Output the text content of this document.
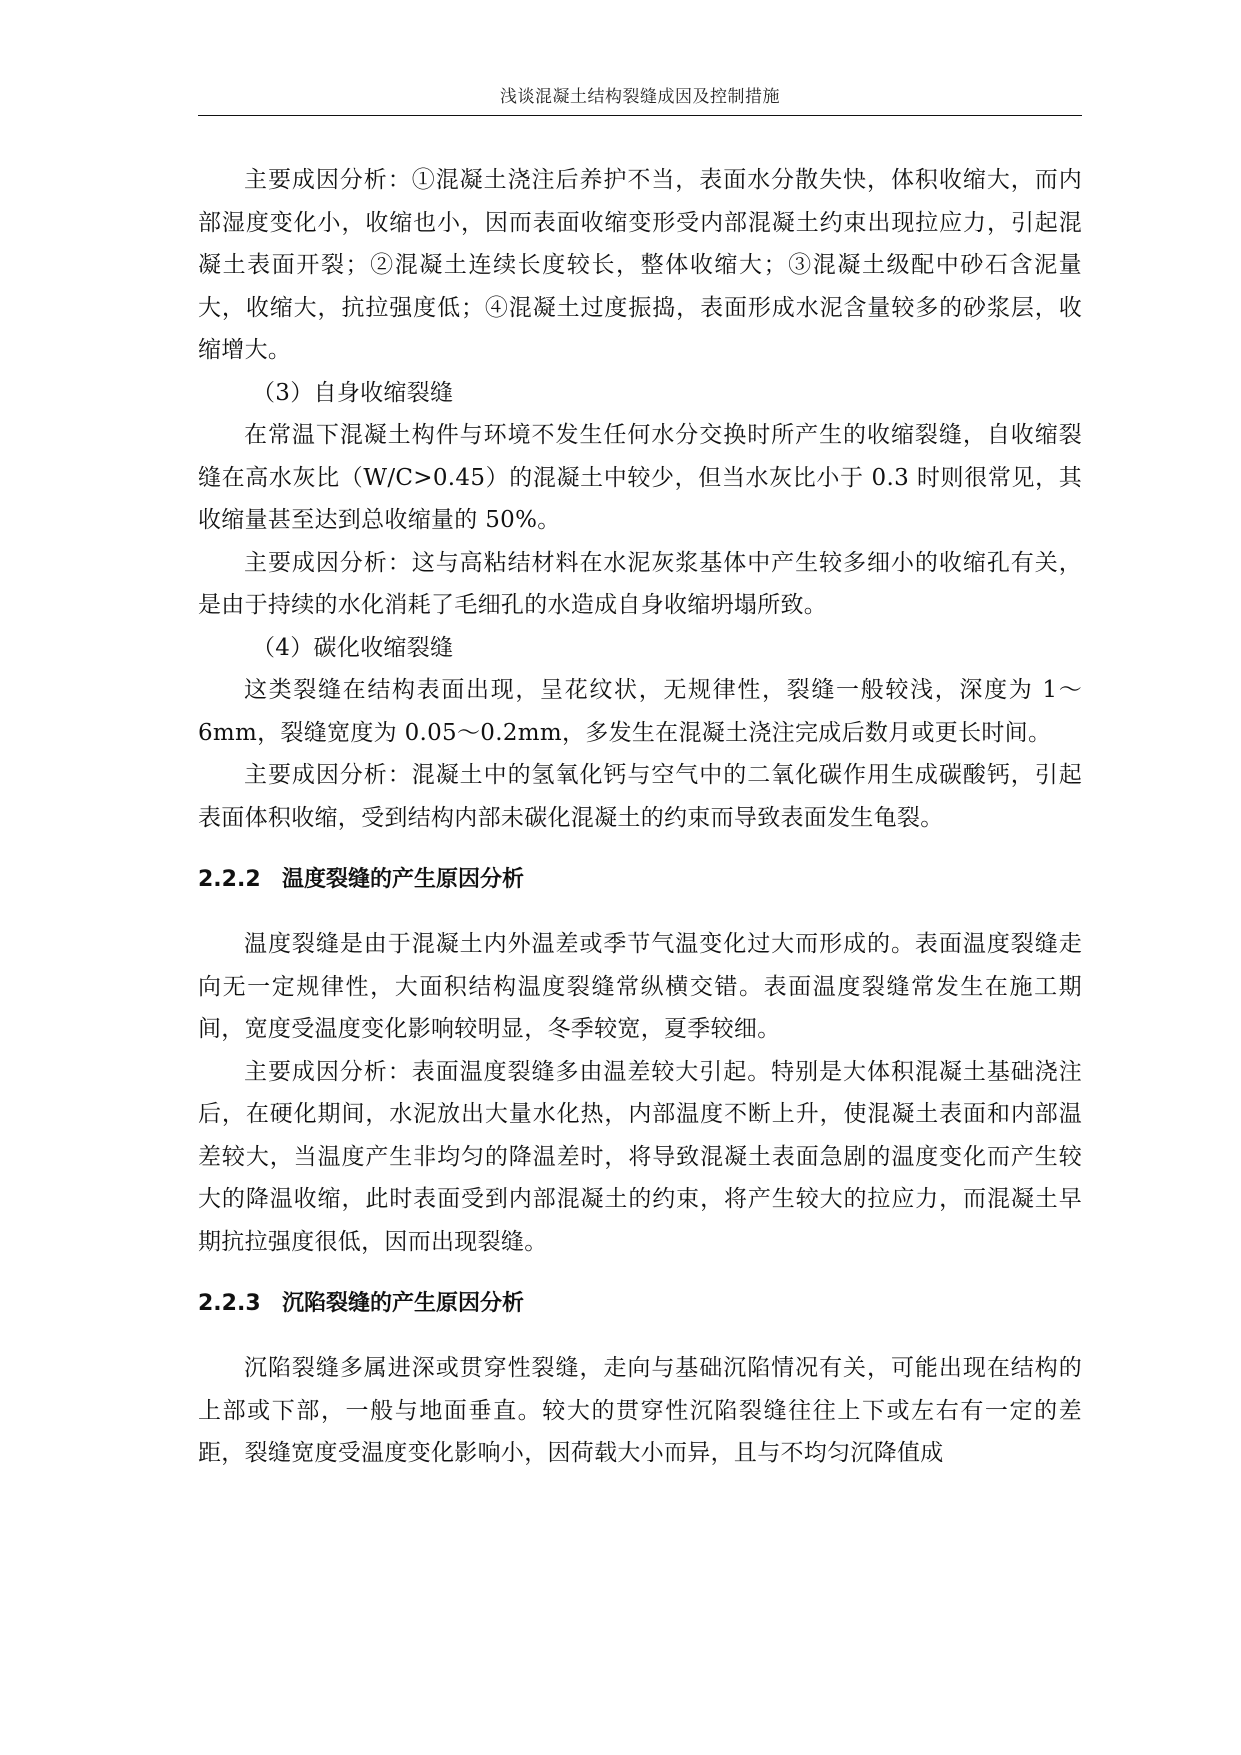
浅谈混凝土结构裂缝成因及控制措施

主要成因分析：①混凝土浇注后养护不当，表面水分散失快，体积收缩大，而内部湿度变化小，收缩也小，因而表面收缩变形受内部混凝土约束出现拉应力，引起混凝土表面开裂；②混凝土连续长度较长，整体收缩大；③混凝土级配中砂石含泥量大，收缩大，抗拉强度低；④混凝土过度振捣，表面形成水泥含量较多的砂浆层，收缩增大。

（3）自身收缩裂缝

在常温下混凝土构件与环境不发生任何水分交换时所产生的收缩裂缝，自收缩裂缝在高水灰比（W/C>0.45）的混凝土中较少，但当水灰比小于 0.3 时则很常见，其收缩量甚至达到总收缩量的 50%。

主要成因分析：这与高粘结材料在水泥灰浆基体中产生较多细小的收缩孔有关，是由于持续的水化消耗了毛细孔的水造成自身收缩坍塌所致。

（4）碳化收缩裂缝

这类裂缝在结构表面出现，呈花纹状，无规律性，裂缝一般较浅，深度为 1～6mm，裂缝宽度为 0.05～0.2mm，多发生在混凝土浇注完成后数月或更长时间。

主要成因分析：混凝土中的氢氧化钙与空气中的二氧化碳作用生成碳酸钙，引起表面体积收缩，受到结构内部未碳化混凝土的约束而导致表面发生龟裂。

2.2.2 温度裂缝的产生原因分析

温度裂缝是由于混凝土内外温差或季节气温变化过大而形成的。表面温度裂缝走向无一定规律性，大面积结构温度裂缝常纵横交错。表面温度裂缝常发生在施工期间，宽度受温度变化影响较明显，冬季较宽，夏季较细。

主要成因分析：表面温度裂缝多由温差较大引起。特别是大体积混凝土基础浇注后，在硬化期间，水泥放出大量水化热，内部温度不断上升，使混凝土表面和内部温差较大，当温度产生非均匀的降温差时，将导致混凝土表面急剧的温度变化而产生较大的降温收缩，此时表面受到内部混凝土的约束，将产生较大的拉应力，而混凝土早期抗拉强度很低，因而出现裂缝。

2.2.3 沉陷裂缝的产生原因分析

沉陷裂缝多属进深或贯穿性裂缝，走向与基础沉陷情况有关，可能出现在结构的上部或下部，一般与地面垂直。较大的贯穿性沉陷裂缝往往上下或左右有一定的差距，裂缝宽度受温度变化影响小，因荷载大小而异，且与不均匀沉降值成
